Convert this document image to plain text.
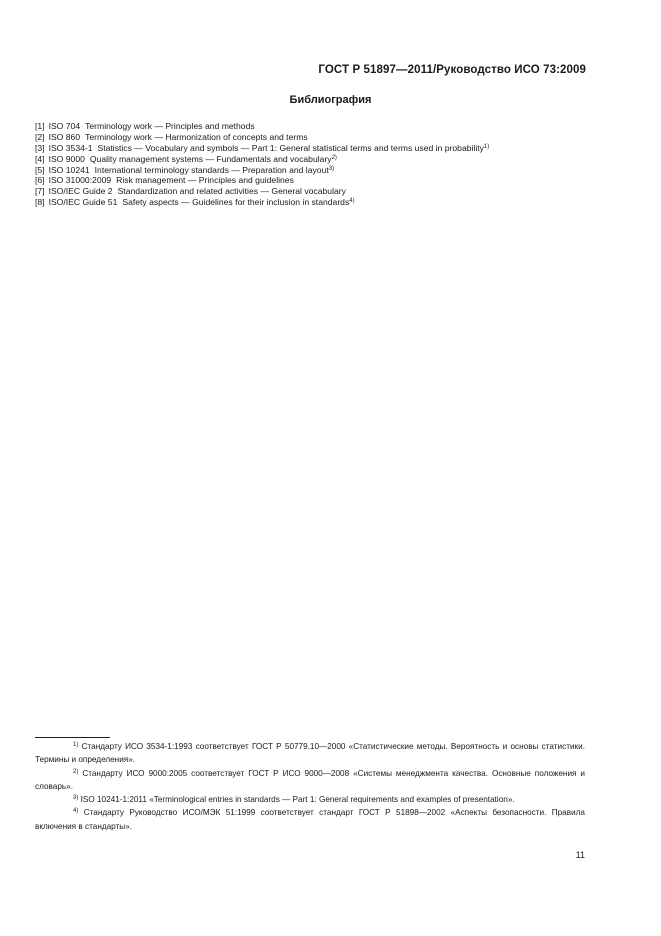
ГОСТ Р 51897—2011/Руководство ИСО 73:2009
Библиография
[1] ISO 704 Terminology work — Principles and methods
[2] ISO 860 Terminology work — Harmonization of concepts and terms
[3] ISO 3534-1 Statistics — Vocabulary and symbols — Part 1: General statistical terms and terms used in probability$^{1)}$
[4] ISO 9000 Quality management systems — Fundamentals and vocabulary$^{2)}$
[5] ISO 10241 International terminology standards — Preparation and layout$^{3)}$
[6] ISO 31000:2009 Risk management — Principles and guidelines
[7] ISO/IEC Guide 2 Standardization and related activities — General vocabulary
[8] ISO/IEC Guide 51 Safety aspects — Guidelines for their inclusion in standards$^{4)}$

$^{1)}$ Стандарту ИСО 3534-1:1993 соответствует ГОСТ Р 50779.10—2000 «Статистические методы. Вероятность и основы статистики. Термины и определения».

$^{2)}$ Стандарту ИСО 9000:2005 соответствует ГОСТ Р ИСО 9000—2008 «Системы менеджмента качества. Основные положения и словарь».

$^{3)}$ ISO 10241-1:2011 «Terminological entries in standards — Part 1: General requirements and examples of presentation».

$^{4)}$ Стандарту Руководство ИСО/МЭК 51:1999 соответствует стандарт ГОСТ Р 51898—2002 «Аспекты безопасности. Правила включения в стандарты».

11
